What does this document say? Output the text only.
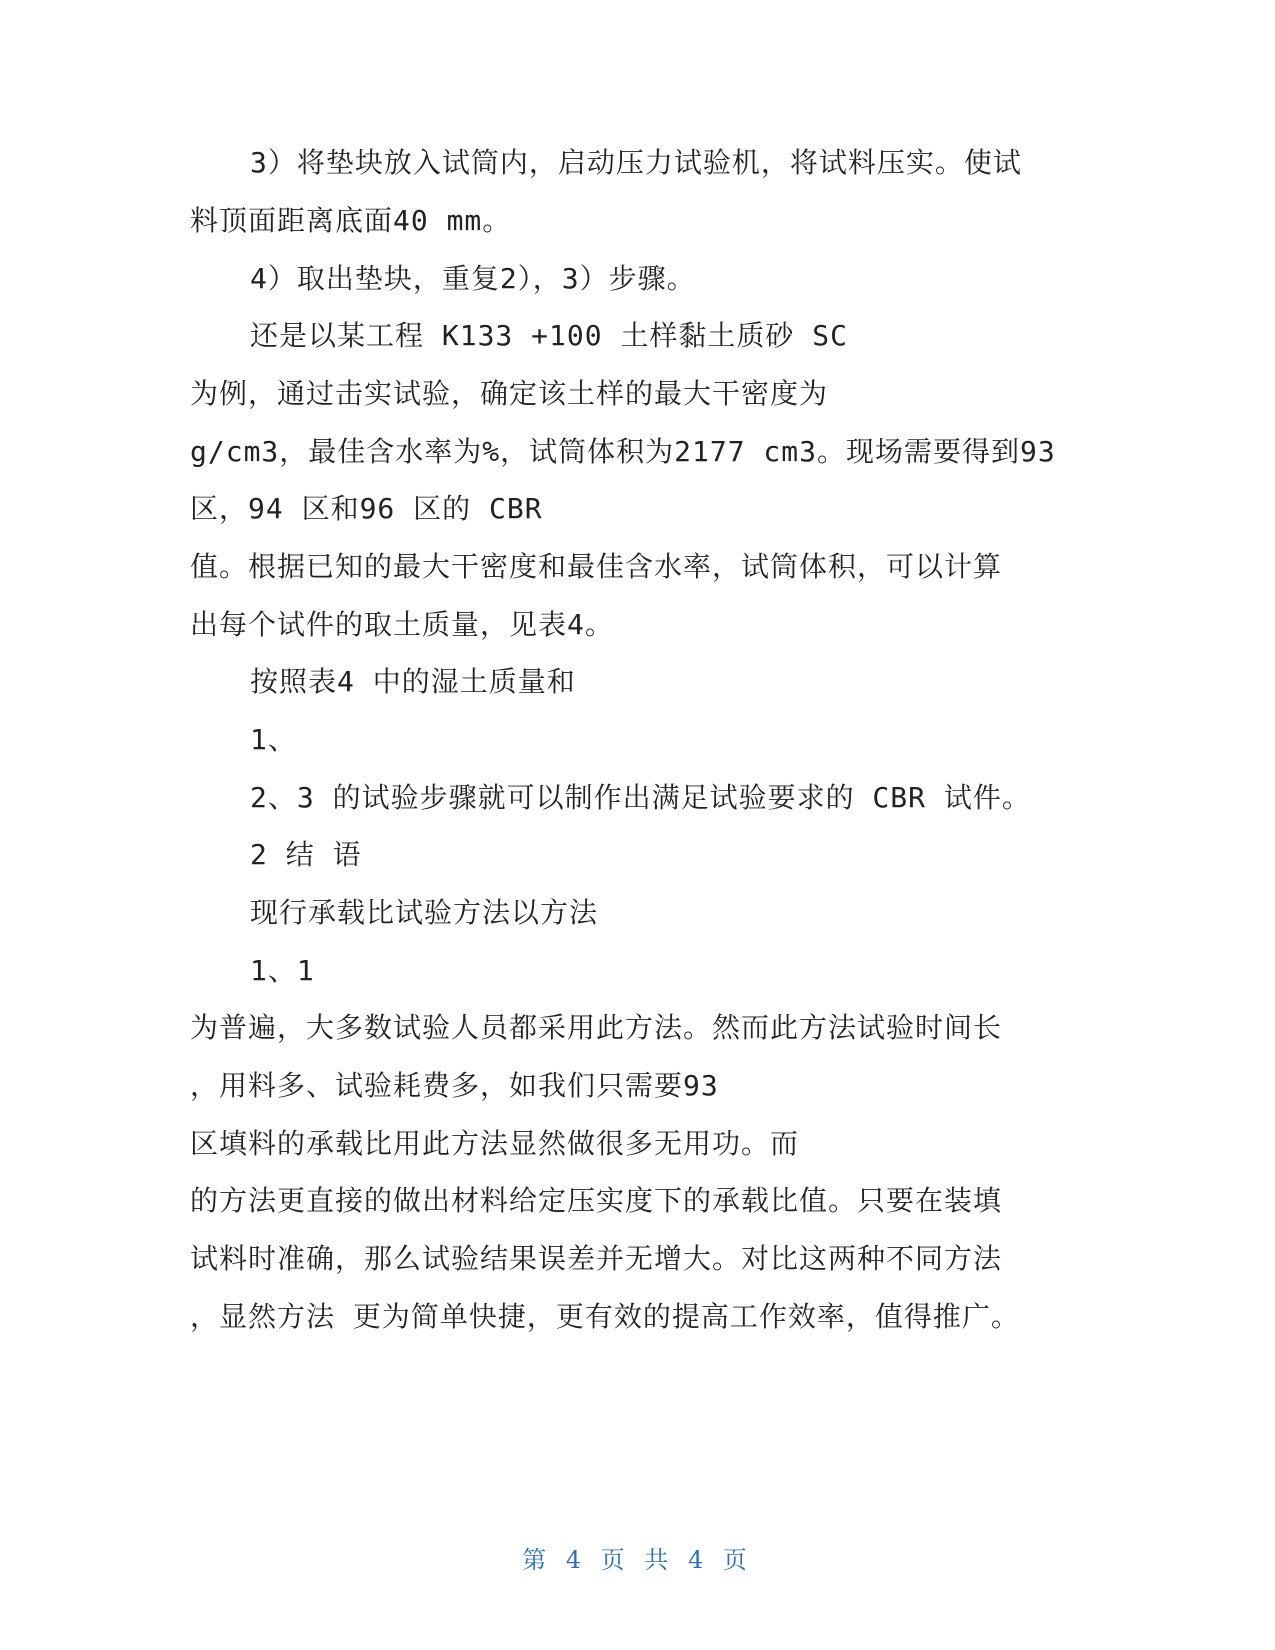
3）将垫块放入试筒内，启动压力试验机，将试料压实。使试
料顶面距离底面40 mm。
4）取出垫块，重复2），3）步骤。
还是以某工程 K133 +100 土样黏土质砂 SC
为例，通过击实试验，确定该土样的最大干密度为
g/cm3，最佳含水率为%，试筒体积为2177 cm3。现场需要得到93
区，94 区和96 区的 CBR
值。根据已知的最大干密度和最佳含水率，试筒体积，可以计算
出每个试件的取土质量，见表4。
按照表4 中的湿土质量和
1、
2、3 的试验步骤就可以制作出满足试验要求的 CBR 试件。
2 结 语
现行承载比试验方法以方法
1、1
为普遍，大多数试验人员都采用此方法。然而此方法试验时间长
，用料多、试验耗费多，如我们只需要93
区填料的承载比用此方法显然做很多无用功。而
的方法更直接的做出材料给定压实度下的承载比值。只要在装填
试料时准确，那么试验结果误差并无增大。对比这两种不同方法
，显然方法 更为简单快捷，更有效的提高工作效率，值得推广。
第 4 页 共 4 页
